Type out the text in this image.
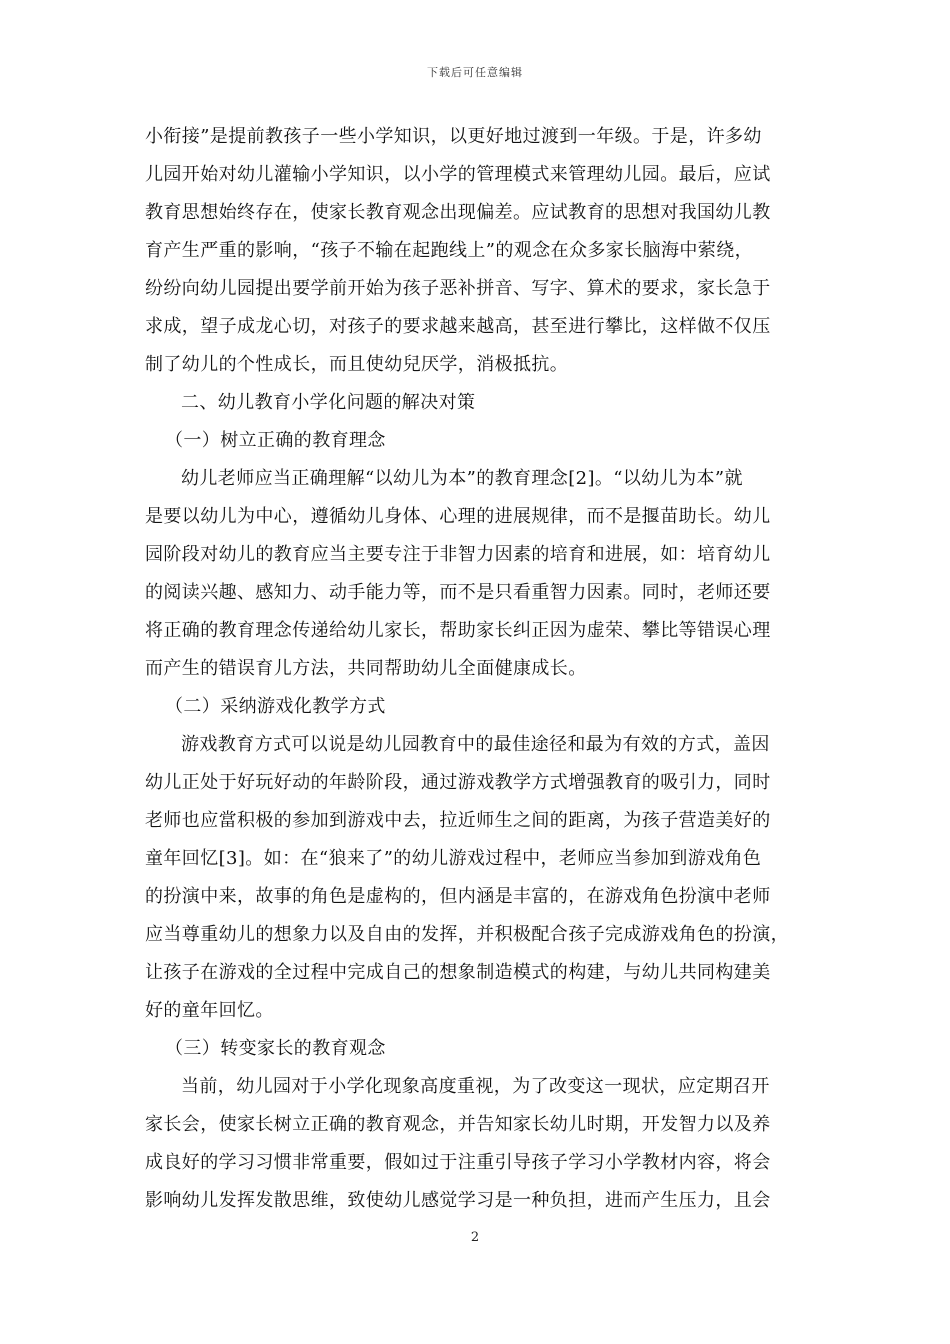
下载后可任意编辑
小衔接”是提前教孩子一些小学知识，以更好地过渡到一年级。于是，许多幼
儿园开始对幼儿灌输小学知识，以小学的管理模式来管理幼儿园。最后，应试
教育思想始终存在，使家长教育观念出现偏差。应试教育的思想对我国幼儿教
育产生严重的影响，“孩子不输在起跑线上”的观念在众多家长脑海中萦绕，
纷纷向幼儿园提出要学前开始为孩子恶补拼音、写字、算术的要求，家长急于
求成，望子成龙心切，对孩子的要求越来越高，甚至进行攀比，这样做不仅压
制了幼儿的个性成长，而且使幼兒厌学，消极抵抗。
二、幼儿教育小学化问题的解决对策
（一）树立正确的教育理念
幼儿老师应当正确理解“以幼儿为本”的教育理念[2]。“以幼儿为本”就
是要以幼儿为中心，遵循幼儿身体、心理的进展规律，而不是揠苗助长。幼儿
园阶段对幼儿的教育应当主要专注于非智力因素的培育和进展，如：培育幼儿
的阅读兴趣、感知力、动手能力等，而不是只看重智力因素。同时，老师还要
将正确的教育理念传递给幼儿家长，帮助家长纠正因为虚荣、攀比等错误心理
而产生的错误育儿方法，共同帮助幼儿全面健康成长。
（二）采纳游戏化教学方式
游戏教育方式可以说是幼儿园教育中的最佳途径和最为有效的方式，盖因
幼儿正处于好玩好动的年龄阶段，通过游戏教学方式增强教育的吸引力，同时
老师也应當积极的参加到游戏中去，拉近师生之间的距离，为孩子营造美好的
童年回忆[3]。如：在“狼来了”的幼儿游戏过程中，老师应当参加到游戏角色
的扮演中来，故事的角色是虚构的，但内涵是丰富的，在游戏角色扮演中老师
应当尊重幼儿的想象力以及自由的发挥，并积极配合孩子完成游戏角色的扮演，
让孩子在游戏的全过程中完成自己的想象制造模式的构建，与幼儿共同构建美
好的童年回忆。
（三）转变家长的教育观念
当前，幼儿园对于小学化现象高度重视，为了改变这一现状，应定期召开
家长会，使家长树立正确的教育观念，并告知家长幼儿时期，开发智力以及养
成良好的学习习惯非常重要，假如过于注重引导孩子学习小学教材内容，将会
影响幼儿发挥发散思维，致使幼儿感觉学习是一种负担，进而产生压力，且会
2
